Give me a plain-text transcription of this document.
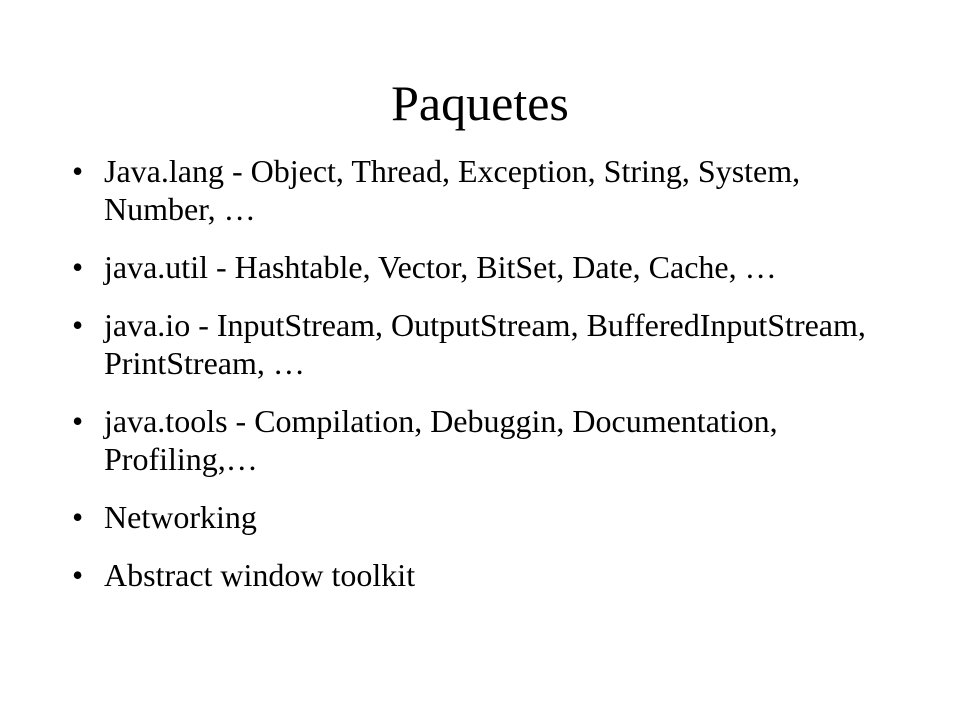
Paquetes
• Java.lang - Object, Thread, Exception, String, System, Number, …
• java.util - Hashtable, Vector, BitSet, Date, Cache, …
• java.io - InputStream, OutputStream, BufferedInputStream, PrintStream, …
• java.tools - Compilation, Debuggin, Documentation, Profiling,…
• Networking
• Abstract window toolkit
